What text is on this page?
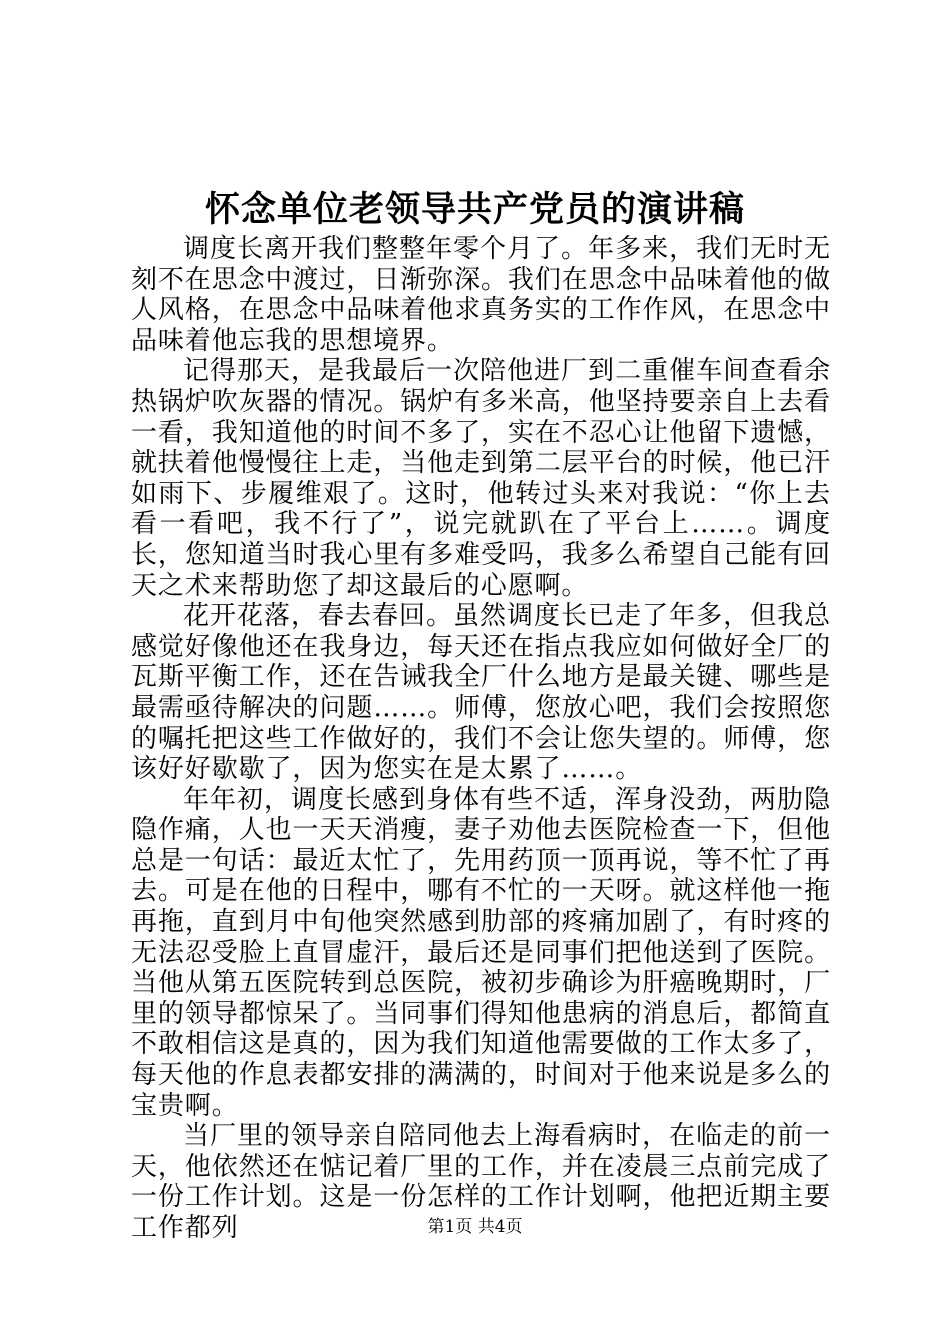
怀念单位老领导共产党员的演讲稿

调度长离开我们整整年零个月了。年多来，我们无时无刻不在思念中渡过，日渐弥深。我们在思念中品味着他的做人风格，在思念中品味着他求真务实的工作作风，在思念中品味着他忘我的思想境界。

记得那天，是我最后一次陪他进厂到二重催车间查看余热锅炉吹灰器的情况。锅炉有多米高，他坚持要亲自上去看一看，我知道他的时间不多了，实在不忍心让他留下遗憾，就扶着他慢慢往上走，当他走到第二层平台的时候，他已汗如雨下、步履维艰了。这时，他转过头来对我说：“你上去看一看吧，我不行了”，说完就趴在了平台上……。调度长，您知道当时我心里有多难受吗，我多么希望自己能有回天之术来帮助您了却这最后的心愿啊。

花开花落，春去春回。虽然调度长已走了年多，但我总感觉好像他还在我身边，每天还在指点我应如何做好全厂的瓦斯平衡工作，还在告诫我全厂什么地方是最关键、哪些是最需亟待解决的问题……。师傅，您放心吧，我们会按照您的嘱托把这些工作做好的，我们不会让您失望的。师傅，您该好好歇歇了，因为您实在是太累了……。

年年初，调度长感到身体有些不适，浑身没劲，两肋隐隐作痛，人也一天天消瘦，妻子劝他去医院检查一下，但他总是一句话：最近太忙了，先用药顶一顶再说，等不忙了再去。可是在他的日程中，哪有不忙的一天呀。就这样他一拖再拖，直到月中旬他突然感到肋部的疼痛加剧了，有时疼的无法忍受脸上直冒虚汗，最后还是同事们把他送到了医院。当他从第五医院转到总医院，被初步确诊为肝癌晚期时，厂里的领导都惊呆了。当同事们得知他患病的消息后，都简直不敢相信这是真的，因为我们知道他需要做的工作太多了，每天他的作息表都安排的满满的，时间对于他来说是多么的宝贵啊。

当厂里的领导亲自陪同他去上海看病时，在临走的前一天，他依然还在惦记着厂里的工作，并在凌晨三点前完成了一份工作计划。这是一份怎样的工作计划啊，他把近期主要工作都列	第1页 共4页
